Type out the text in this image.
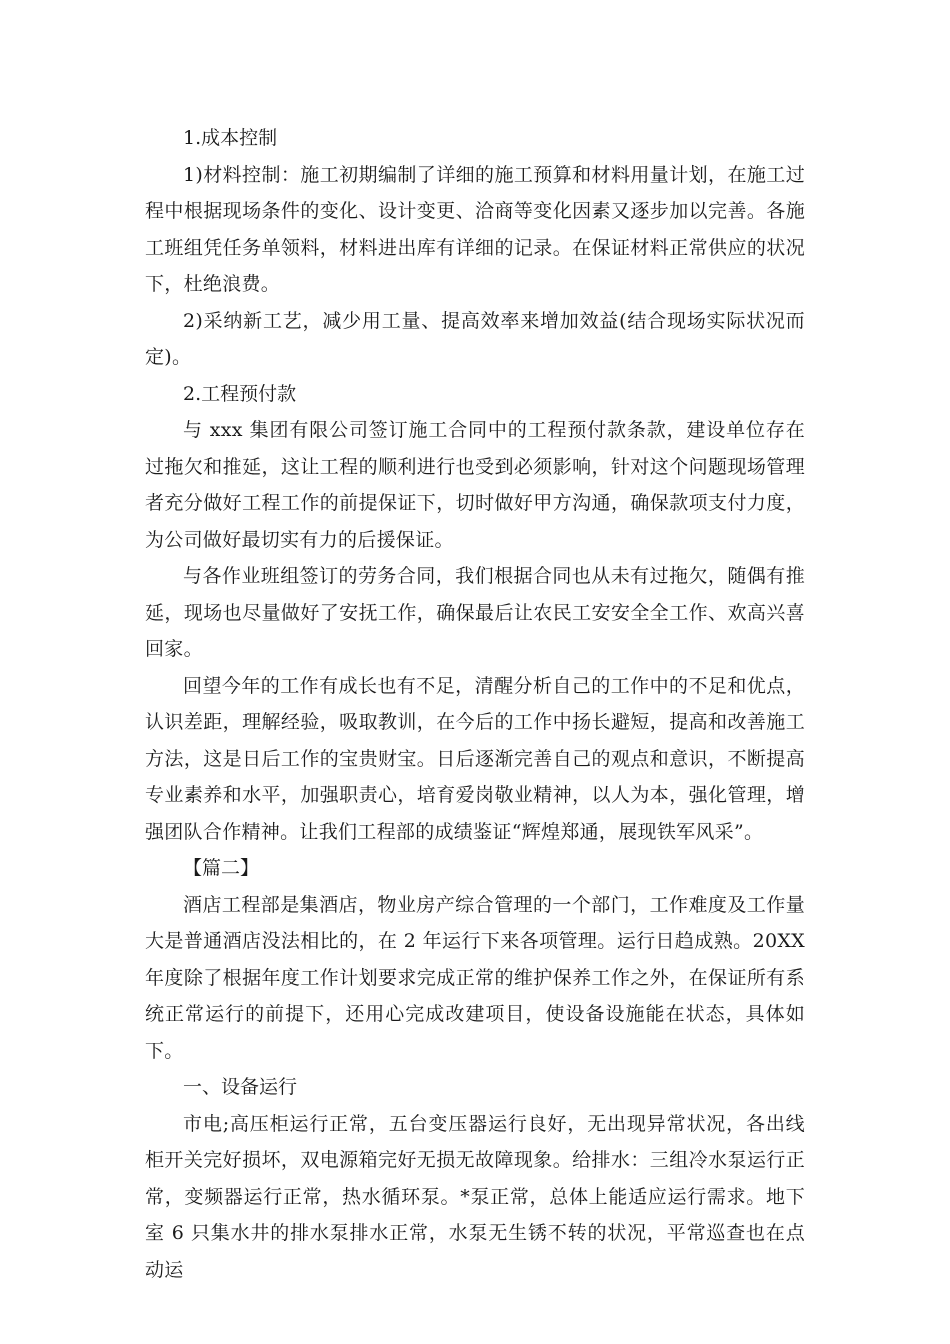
1.成本控制

1)材料控制：施工初期编制了详细的施工预算和材料用量计划，在施工过程中根据现场条件的变化、设计变更、洽商等变化因素又逐步加以完善。各施工班组凭任务单领料，材料进出库有详细的记录。在保证材料正常供应的状况下，杜绝浪费。

2)采纳新工艺，减少用工量、提高效率来增加效益(结合现场实际状况而定)。

2.工程预付款

与 xxx 集团有限公司签订施工合同中的工程预付款条款，建设单位存在过拖欠和推延，这让工程的顺利进行也受到必须影响，针对这个问题现场管理者充分做好工程工作的前提保证下，切时做好甲方沟通，确保款项支付力度，为公司做好最切实有力的后援保证。

与各作业班组签订的劳务合同，我们根据合同也从未有过拖欠，随偶有推延，现场也尽量做好了安抚工作，确保最后让农民工安安全全工作、欢高兴喜回家。

回望今年的工作有成长也有不足，清醒分析自己的工作中的不足和优点，认识差距，理解经验，吸取教训，在今后的工作中扬长避短，提高和改善施工方法，这是日后工作的宝贵财宝。日后逐渐完善自己的观点和意识，不断提高专业素养和水平，加强职责心，培育爱岗敬业精神，以人为本，强化管理，增强团队合作精神。让我们工程部的成绩鉴证“辉煌郑通，展现铁军风采”。

【篇二】

酒店工程部是集酒店，物业房产综合管理的一个部门，工作难度及工作量大是普通酒店没法相比的，在 2 年运行下来各项管理。运行日趋成熟。20XX 年度除了根据年度工作计划要求完成正常的维护保养工作之外，在保证所有系统正常运行的前提下，还用心完成改建项目，使设备设施能在状态，具体如下。

一、设备运行

市电;高压柜运行正常，五台变压器运行良好，无出现异常状况，各出线柜开关完好损坏，双电源箱完好无损无故障现象。给排水：三组冷水泵运行正常，变频器运行正常，热水循环泵。*泵正常，总体上能适应运行需求。地下室 6 只集水井的排水泵排水正常，水泵无生锈不转的状况，平常巡查也在点动运
